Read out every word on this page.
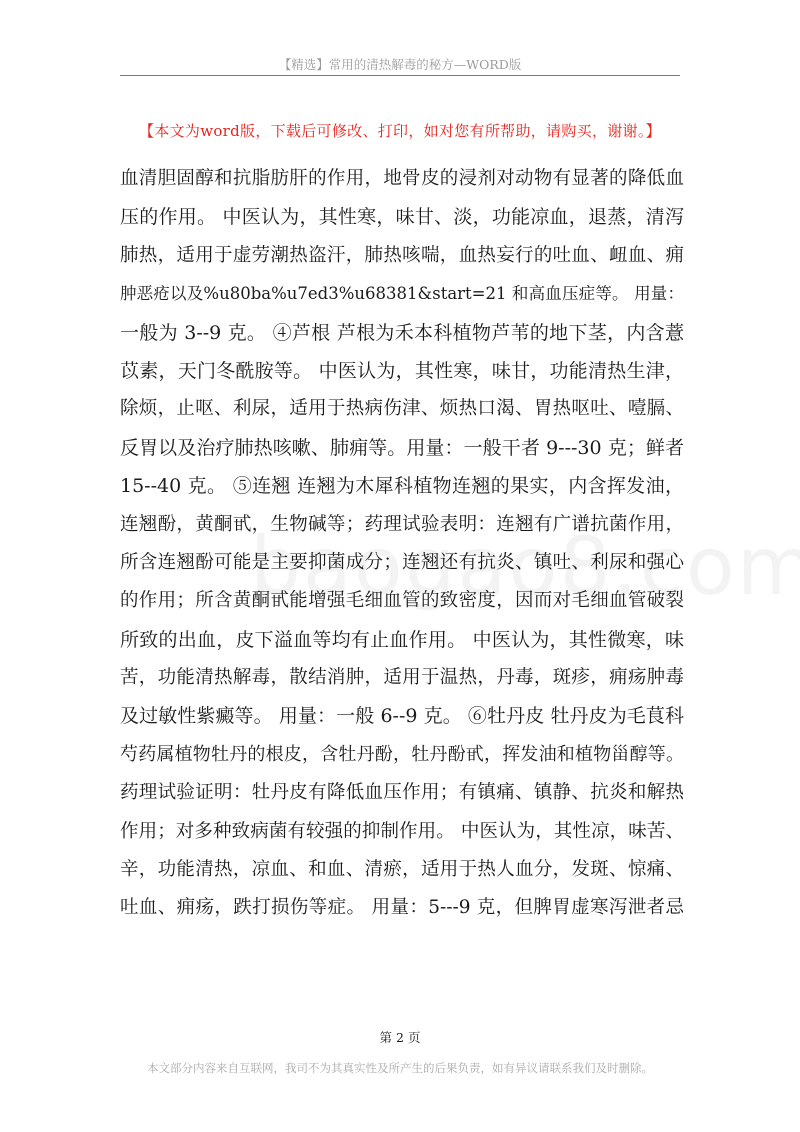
【精选】常用的清热解毒的秘方—WORD版
【本文为word版，下载后可修改、打印，如对您有所帮助，请购买，谢谢。】
血清胆固醇和抗脂肪肝的作用，地骨皮的浸剂对动物有显著的降低血
压的作用。 中医认为，其性寒，味甘、淡，功能凉血，退蒸，清泻
肺热，适用于虚劳潮热盗汗，肺热咳喘，血热妄行的吐血、衄血、痈
肿恶疮以及%u80ba%u7ed3%u68381&start=21 和高血压症等。 用量：
一般为 3--9 克。 ④芦根 芦根为禾本科植物芦苇的地下茎，内含薏
苡素，天门冬酰胺等。 中医认为，其性寒，味甘，功能清热生津，
除烦，止呕、利尿，适用于热病伤津、烦热口渴、胃热呕吐、噎膈、
反胃以及治疗肺热咳嗽、肺痈等。用量：一般干者 9---30 克；鲜者
15--40 克。 ⑤连翘 连翘为木犀科植物连翘的果实，内含挥发油，
连翘酚，黄酮甙，生物碱等；药理试验表明：连翘有广谱抗菌作用，
所含连翘酚可能是主要抑菌成分；连翘还有抗炎、镇吐、利尿和强心
的作用；所含黄酮甙能增强毛细血管的致密度，因而对毛细血管破裂
所致的出血，皮下溢血等均有止血作用。 中医认为，其性微寒，味
苦，功能清热解毒，散结消肿，适用于温热，丹毒，斑疹，痈疡肿毒
及过敏性紫癜等。 用量：一般 6--9 克。 ⑥牡丹皮 牡丹皮为毛茛科
芍药属植物牡丹的根皮，含牡丹酚，牡丹酚甙，挥发油和植物甾醇等。
药理试验证明：牡丹皮有降低血压作用；有镇痛、镇静、抗炎和解热
作用；对多种致病菌有较强的抑制作用。 中医认为，其性凉，味苦、
辛，功能清热，凉血、和血、清瘀，适用于热人血分，发斑、惊痛、
吐血、痈疡，跌打损伤等症。 用量：5---9 克，但脾胃虚寒泻泄者忌
第 2 页
本文部分内容来自互联网，我司不为其真实性及所产生的后果负责，如有异议请联系我们及时删除。
